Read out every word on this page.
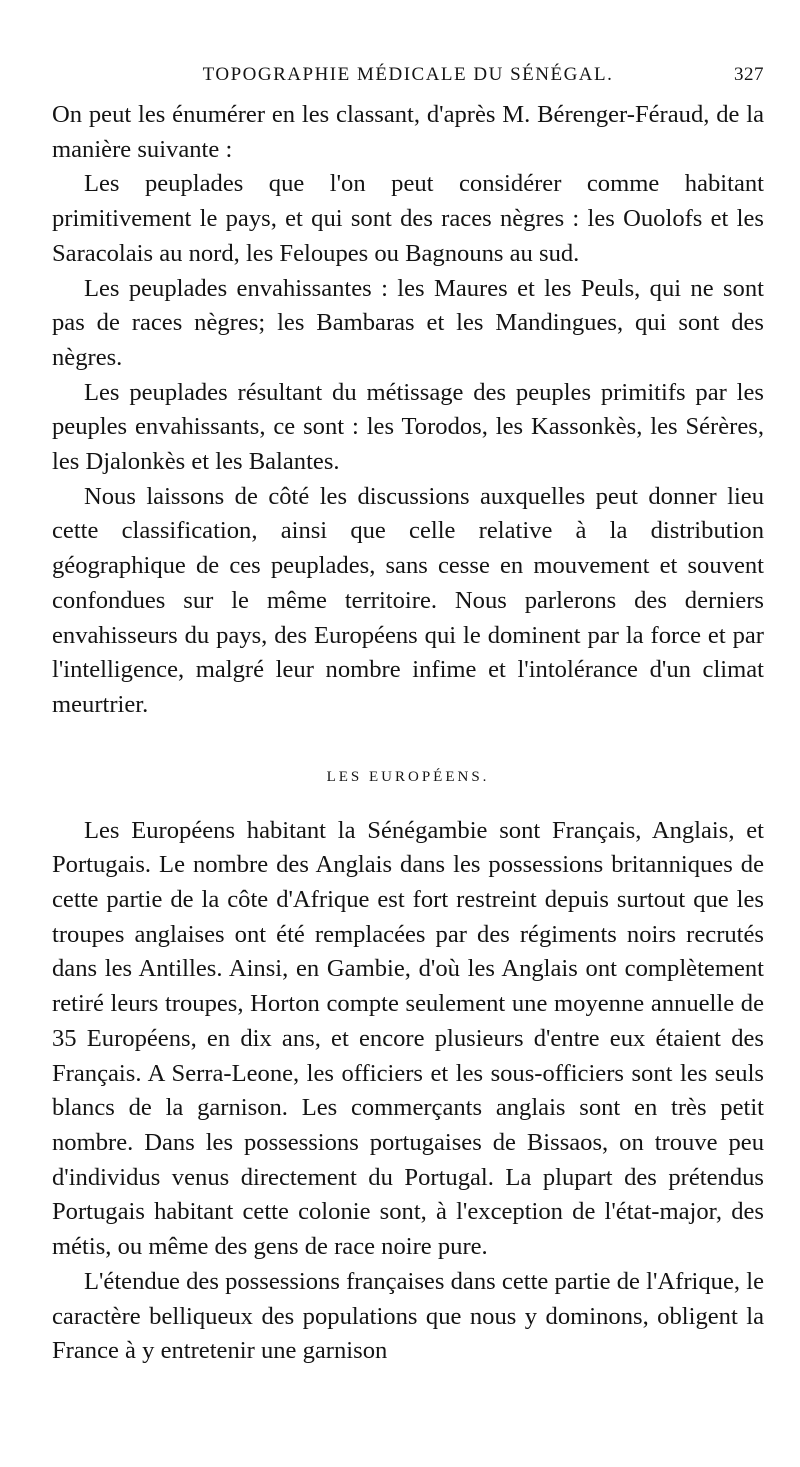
TOPOGRAPHIE MÉDICALE DU SÉNÉGAL.	327

On peut les énumérer en les classant, d'après M. Bérenger-Féraud, de la manière suivante :

Les peuplades que l'on peut considérer comme habitant primitivement le pays, et qui sont des races nègres : les Ouolofs et les Saracolais au nord, les Feloupes ou Bagnouns au sud.

Les peuplades envahissantes : les Maures et les Peuls, qui ne sont pas de races nègres; les Bambaras et les Mandingues, qui sont des nègres.

Les peuplades résultant du métissage des peuples primitifs par les peuples envahissants, ce sont : les Torodos, les Kassonkès, les Sérères, les Djalonkès et les Balantes.

Nous laissons de côté les discussions auxquelles peut donner lieu cette classification, ainsi que celle relative à la distribution géographique de ces peuplades, sans cesse en mouvement et souvent confondues sur le même territoire. Nous parlerons des derniers envahisseurs du pays, des Européens qui le dominent par la force et par l'intelligence, malgré leur nombre infime et l'intolérance d'un climat meurtrier.

LES EUROPÉENS.

Les Européens habitant la Sénégambie sont Français, Anglais, et Portugais. Le nombre des Anglais dans les possessions britanniques de cette partie de la côte d'Afrique est fort restreint depuis surtout que les troupes anglaises ont été remplacées par des régiments noirs recrutés dans les Antilles. Ainsi, en Gambie, d'où les Anglais ont complètement retiré leurs troupes, Horton compte seulement une moyenne annuelle de 35 Européens, en dix ans, et encore plusieurs d'entre eux étaient des Français. A Serra-Leone, les officiers et les sous-officiers sont les seuls blancs de la garnison. Les commerçants anglais sont en très petit nombre. Dans les possessions portugaises de Bissaos, on trouve peu d'individus venus directement du Portugal. La plupart des prétendus Portugais habitant cette colonie sont, à l'exception de l'état-major, des métis, ou même des gens de race noire pure.

L'étendue des possessions françaises dans cette partie de l'Afrique, le caractère belliqueux des populations que nous y dominons, obligent la France à y entretenir une garnison
